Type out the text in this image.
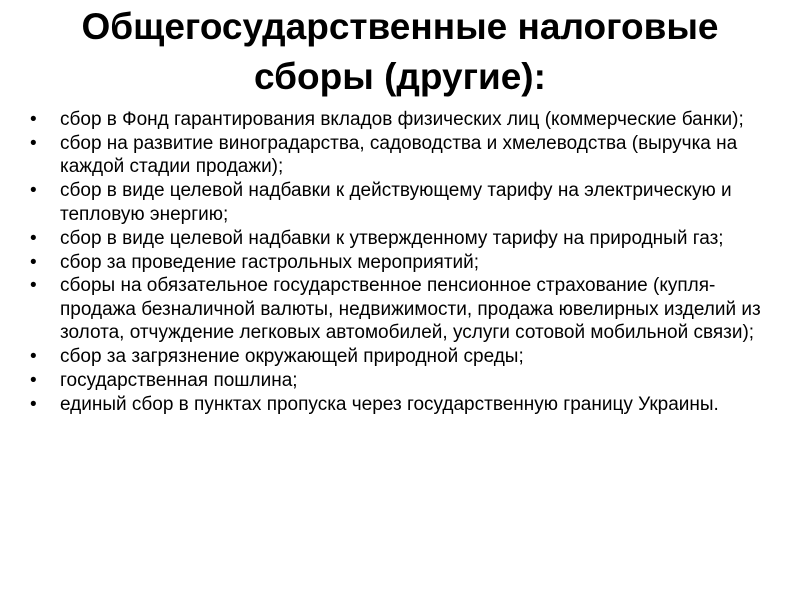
Общегосударственные налоговые
сборы (другие):
• сбор в Фонд гарантирования вкладов физических лиц (коммерческие банки);
• сбор на развитие виноградарства, садоводства и хмелеводства (выручка на каждой стадии продажи);
• сбор в виде целевой надбавки к действующему тарифу на электрическую и тепловую энергию;
• сбор в виде целевой надбавки к утвержденному тарифу на природный газ;
• сбор за проведение гастрольных мероприятий;
• сборы на обязательное государственное пенсионное страхование (купля-продажа безналичной валюты, недвижимости, продажа ювелирных изделий из золота, отчуждение легковых автомобилей, услуги сотовой мобильной связи);
• сбор за загрязнение окружающей природной среды;
• государственная пошлина;
• единый сбор в пунктах пропуска через государственную границу Украины.
